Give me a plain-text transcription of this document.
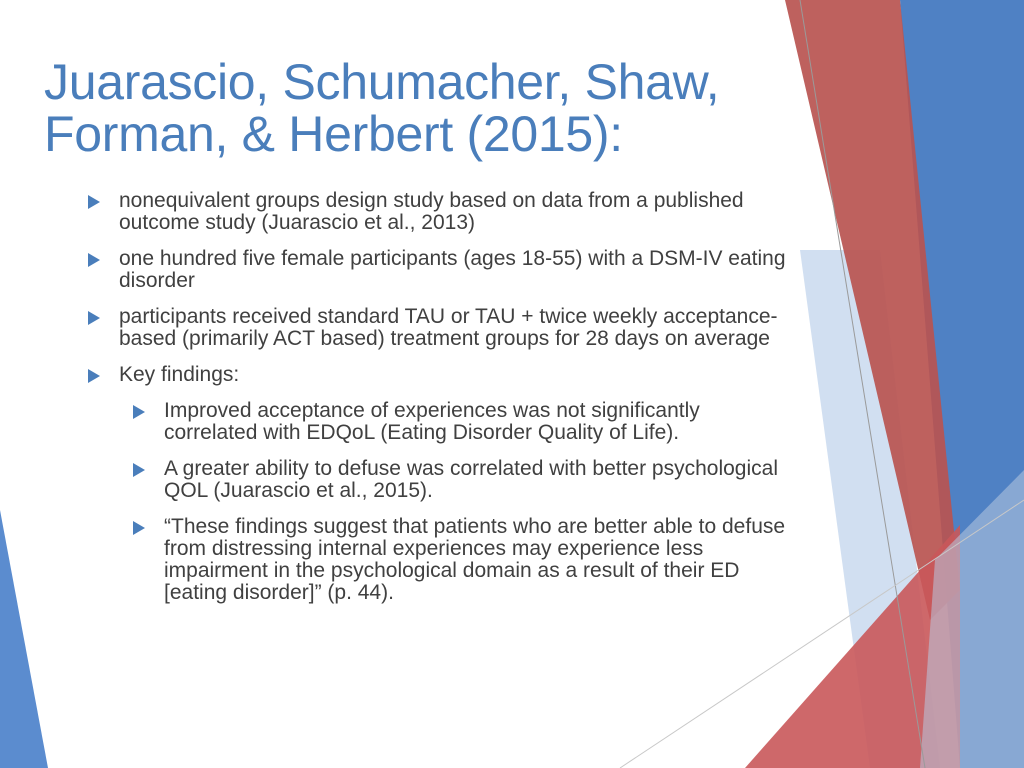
Juarascio, Schumacher, Shaw,
Forman, & Herbert (2015):

nonequivalent groups design study based on data from a published outcome study (Juarascio et al., 2013)

one hundred five female participants (ages 18-55) with a DSM-IV eating disorder

participants received standard TAU or TAU + twice weekly acceptance-based (primarily ACT based) treatment groups for 28 days on average

Key findings:

Improved acceptance of experiences was not significantly correlated with EDQoL (Eating Disorder Quality of Life).

A greater ability to defuse was correlated with better psychological QOL (Juarascio et al., 2015).

“These findings suggest that patients who are better able to defuse from distressing internal experiences may experience less impairment in the psychological domain as a result of their ED [eating disorder]” (p. 44).
